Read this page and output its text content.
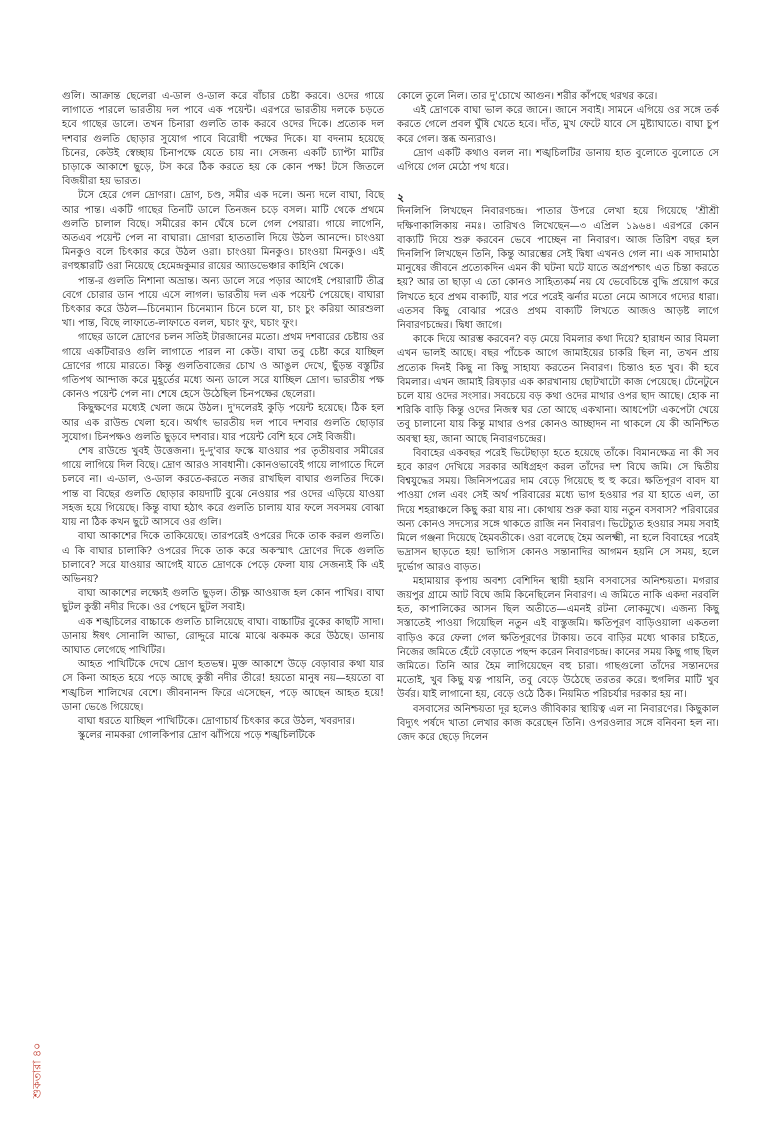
গুলি। আক্রান্ত ছেলেরা এ-ডাল ও-ডাল করে বাঁচার চেষ্টা করবে। ওদের গায়ে লাগাতে পারলে ভারতীয় দল পাবে এক পয়েন্ট। এরপরে ভারতীয় দলকে চড়তে হবে গাছের ডালে। তখন চিনারা গুলতি তাক করবে ওদের দিকে। প্রত্যেক দল দশবার গুলতি ছোড়ার সুযোগ পাবে বিরোধী পক্ষের দিকে। যা বদনাম হয়েছে চিনের, কেউই স্বেচ্ছায় চিনাপক্ষে যেতে চায় না। সেজন্য একটি চ্যাপ্টা মাটির চাড়াকে আকাশে ছুড়ে, টস করে ঠিক করতে হয় কে কোন পক্ষ! টসে জিতলে বিজয়ীরা হয় ভারত।

টসে হেরে গেল দ্রোণরা। দ্রোণ, চণ্ড, সমীর এক দলে। অন্য দলে বাঘা, বিছে আর পান্ত। একটি গাছের তিনটি ডালে তিনজন চড়ে বসল। মাটি থেকে প্রথমে গুলতি চালাল বিছে। সমীরের কান ঘেঁষে চলে গেল পেয়ারা। গায়ে লাগেনি, অতএব পয়েন্ট পেল না বাঘারা। দ্রোণরা হাততালি দিয়ে উঠল আনন্দে। চাংওয়া মিনকুও বলে চিৎকার করে উঠল ওরা। চাংওয়া মিনকুও। চাংওয়া মিনকুও। এই রণহুঙ্কারটি ওরা নিয়েছে হেমেন্দ্রকুমার রায়ের অ্যাডভেঞ্চার কাহিনি থেকে।

পান্ত-র গুলতি নিশানা অভ্রান্ত। অন্য ডালে সরে পড়ার আগেই পেয়ারাটি তীব্র বেগে চোরার ডান পায়ে এসে লাগল। ভারতীয় দল এক পয়েন্ট পেয়েছে। বাঘারা চিৎকার করে উঠল—চিনেম্যান চিনেম্যান চিনে চলে যা, চাং চুং করিয়া আরশুলা খা। পান্ত, বিছে লাফাতে-লাফাতে বলল, ঘচাং ফুং, ঘচাং ফুং।

গাছের ডালে দ্রোণের চলন সতিই টারজানের মতো। প্রথম দশবারের চেষ্টায় ওর গায়ে একটিবারও গুলি লাগাতে পারল না কেউ। বাঘা তবু চেষ্টা করে যাচ্ছিল দ্রোণের গায়ে মারতে। কিন্তু গুলতিবাজের চোখ ও আঙুল দেখে, ছুঁড়ন্ত বস্তুটির গতিপথ আন্দাজ করে মুহূর্তের মধ্যে অন্য ডালে সরে যাচ্ছিল দ্রোণ। ভারতীয় পক্ষ কোনও পয়েন্ট পেল না। শেষে হেসে উঠেছিল চিনপক্ষের ছেলেরা।

কিছুক্ষণের মধ্যেই খেলা জমে উঠল। দু'দলেরই কুড়ি পয়েন্ট হয়েছে। ঠিক হল আর এক রাউন্ড খেলা হবে। অর্থাৎ ভারতীয় দল পাবে দশবার গুলতি ছোড়ার সুযোগ। চিনপক্ষও গুলতি ছুড়বে দশবার। যার পয়েন্ট বেশি হবে সেই বিজয়ী।

শেষ রাউন্ডে খুবই উত্তেজনা। দু-দু'বার ফস্কে যাওয়ার পর তৃতীয়বার সমীরের গায়ে লাগিয়ে দিল বিছে। দ্রোণ আরও সাবধানী। কোনওভাবেই গায়ে লাগাতে দিলে চলবে না। এ-ডাল, ও-ডাল করতে-করতে নজর রাখছিল বাঘার গুলতির দিকে। পান্ত বা বিছের গুলতি ছোড়ার কায়দাটি বুঝে নেওয়ার পর ওদের এড়িয়ে যাওয়া সহজ হয়ে গিয়েছে। কিন্তু বাঘা হঠাৎ করে গুলতি চালায় যার ফলে সবসময় বোঝা যায় না ঠিক কখন ছুটে আসবে ওর গুলি।

বাঘা আকাশের দিকে তাকিয়েছে। তারপরেই ওপরের দিকে তাক করল গুলতি। এ কি বাঘার চালাকি? ওপরের দিকে তাক করে অকস্মাৎ দ্রোণের দিকে গুলতি চালাবে? সরে যাওয়ার আগেই যাতে দ্রোণকে পেড়ে ফেলা যায় সেজন্যই কি এই অভিনয়?

বাঘা আকাশের লক্ষ্যেই গুলতি ছুড়ল। তীক্ষ্ণ আওয়াজ হল কোন পাখির। বাঘা ছুটল কুস্তী নদীর দিকে। ওর পেছনে ছুটল সবাই।

এক শঙ্খচিলের বাচ্চাকে গুলতি চালিয়েছে বাঘা। বাচ্চাটির বুকের কাছটি সাদা। ডানায় ঈষৎ সোনালি আভা, রোদ্দুরে মাঝে মাঝে ঝকমক করে উঠছে। ডানায় আঘাত লেগেছে পাখিটির।

আহত পাখিটিকে দেখে দ্রোণ হতভম্ব। মুক্ত আকাশে উড়ে বেড়াবার কথা যার সে কিনা আহত হয়ে পড়ে আছে কুস্তী নদীর তীরে! হয়তো মানুষ নয়—হয়তো বা শঙ্খচিল শালিখের বেশে। জীবনানন্দ ফিরে এসেছেন, পড়ে আছেন আহত হয়ে! ডানা ভেঙে গিয়েছে।

বাঘা ধরতে যাচ্ছিল পাখিটিকে। দ্রোণাচার্য চিৎকার করে উঠল, খবরদার।

স্কুলের নামকরা গোলকিপার দ্রোণ ঝাঁপিয়ে পড়ে শঙ্খচিলটিকে

কোলে তুলে নিল। তার দু'চোখে আগুন। শরীর কাঁপছে থরথর করে।

এই দ্রোণকে বাঘা ভাল করে জানে। জানে সবাই। সামনে এগিয়ে ওর সঙ্গে তর্ক করতে গেলে প্রবল ঘুঁষি খেতে হবে। দাঁত, মুখ ফেটে যাবে সে মুষ্ট্যাঘাতে। বাঘা চুপ করে গেল। স্তব্ধ অন্যরাও।

দ্রোণ একটি কথাও বলল না। শঙ্খচিলটির ডানায় হাত বুলোতে বুলোতে সে এগিয়ে গেল মেঠো পথ ধরে।

২

দিনলিপি লিখছেন নিবারণচন্দ্র। পাতার উপরে লেখা হয়ে গিয়েছে 'শ্রীশ্রী দক্ষিণাকালিকায় নমঃ। তারিখও লিখেছেন—৩ এপ্রিল ১৯৬৪। এরপরে কোন বাক্যটি দিয়ে শুরু করবেন ভেবে পাচ্ছেন না নিবারণ। আজ তিরিশ বছর হল দিনলিপি লিখছেন তিনি, কিন্তু আরম্ভের সেই দ্বিধা এখনও গেল না। এক সাদামাঠা মানুষের জীবনে প্রত্যেকদিন এমন কী ঘটনা ঘটে যাতে অগ্রপশ্চাৎ এত চিন্তা করতে হয়? আর তা ছাড়া এ তো কোনও সাহিত্যকর্ম নয় যে ভেবেচিন্তে বুদ্ধি প্রয়োগ করে লিখতে হবে প্রথম বাক্যটি, যার পরে পরেই ঝর্নার মতো নেমে আসবে গদ্যের ধারা। এতসব কিছু বোঝার পরেও প্রথম বাক্যটি লিখতে আজও আড়ষ্ট লাগে নিবারণচন্দ্রের। দ্বিধা জাগে।

কাকে দিয়ে আরম্ভ করবেন? বড় মেয়ে বিমলার কথা দিয়ে? হারাধন আর বিমলা এখন ভালই আছে। বছর পাঁচেক আগে জামাইয়ের চাকরি ছিল না, তখন প্রায় প্রত্যেক দিনই কিছু না কিছু সাহায্য করতেন নিবারণ। চিন্তাও হত খুব। কী হবে বিমলার। এখন জামাই রিষড়ার এক কারখানায় ছোটখাটো কাজ পেয়েছে। টেনেটুনে চলে যায় ওদের সংসার। সবচেয়ে বড় কথা ওদের মাথার ওপর ছাদ আছে। হোক না শরিকি বাড়ি কিন্তু ওদের নিজস্ব ঘর তো আছে একখানা। আধপেটা একপেটা খেয়ে তবু চালানো যায় কিন্তু মাথার ওপর কোনও আচ্ছাদন না থাকলে যে কী অনিশ্চিত অবস্থা হয়, জানা আছে নিবারণচন্দ্রের।

বিবাহের একবছর পরেই ভিটেছাড়া হতে হয়েছে তাঁকে। বিমানক্ষেত্র না কী সব হবে কারণ দেখিয়ে সরকার অধিগ্রহণ করল তাঁদের দশ বিঘে জমি। সে দ্বিতীয় বিশ্বযুদ্ধের সময়। জিনিসপত্রের দাম বেড়ে গিয়েছে হু হু করে। ক্ষতিপূরণ বাবদ যা পাওয়া গেল এবং সেই অর্থ পরিবারের মধ্যে ভাগ হওয়ার পর যা হাতে এল, তা দিয়ে শহরাঞ্চলে কিছু করা যায় না। কোথায় শুরু করা যায় নতুন বসবাস? পরিবারের অন্য কোনও সদস্যের সঙ্গে থাকতে রাজি নন নিবারণ। ভিটেচ্যুত হওয়ার সময় সবাই মিলে গঞ্জনা দিয়েছে হৈমবতীকে। ওরা বলেছে হৈম অলক্ষ্মী, না হলে বিবাহের পরেই ভদ্রাসন ছাড়তে হয়! ভাগ্যিস কোনও সন্তানাদির আগমন হয়নি সে সময়, হলে দুর্ভোগ আরও বাড়ত।

মহামায়ার কৃপায় অবশ্য বেশিদিন স্থায়ী হয়নি বসবাসের অনিশ্চয়তা। মগরার জয়পুর গ্রামে আট বিঘে জমি কিনেছিলেন নিবারণ। এ জমিতে নাকি একদা নরবলি হত, কাপালিকের আসন ছিল অতীতে—এমনই রটনা লোকমুখে। এজন্য কিছু সস্তাতেই পাওয়া গিয়েছিল নতুন এই বাস্তুজমি। ক্ষতিপূরণ বাড়িওয়ালা একতলা বাড়িও করে ফেলা গেল ক্ষতিপূরণের টাকায়। তবে বাড়ির মধ্যে থাকার চাইতে, নিজের জমিতে হেঁটে বেড়াতে পছন্দ করেন নিবারণচন্দ্র। কানের সময় কিছু গাছ ছিল জমিতে। তিনি আর হৈম লাগিয়েছেন বহু চারা। গাছগুলো তাঁদের সন্তানদের মতোই, খুব কিছু যত্ন পায়নি, তবু বেড়ে উঠেছে তরতর করে। হুগলির মাটি খুব উর্বর। যাই লাগানো হয়, বেড়ে ওঠে ঠিক। নিয়মিত পরিচর্যার দরকার হয় না।

বসবাসের অনিশ্চয়তা দূর হলেও জীবিকার স্থায়িত্ব এল না নিবারণের। কিছুকাল বিদ্যুৎ পর্ষদে খাতা লেখার কাজ করেছেন তিনি। ওপরওলার সঙ্গে বনিবনা হল না। জেদ করে ছেড়ে দিলেন

শুকতারা ৪০
